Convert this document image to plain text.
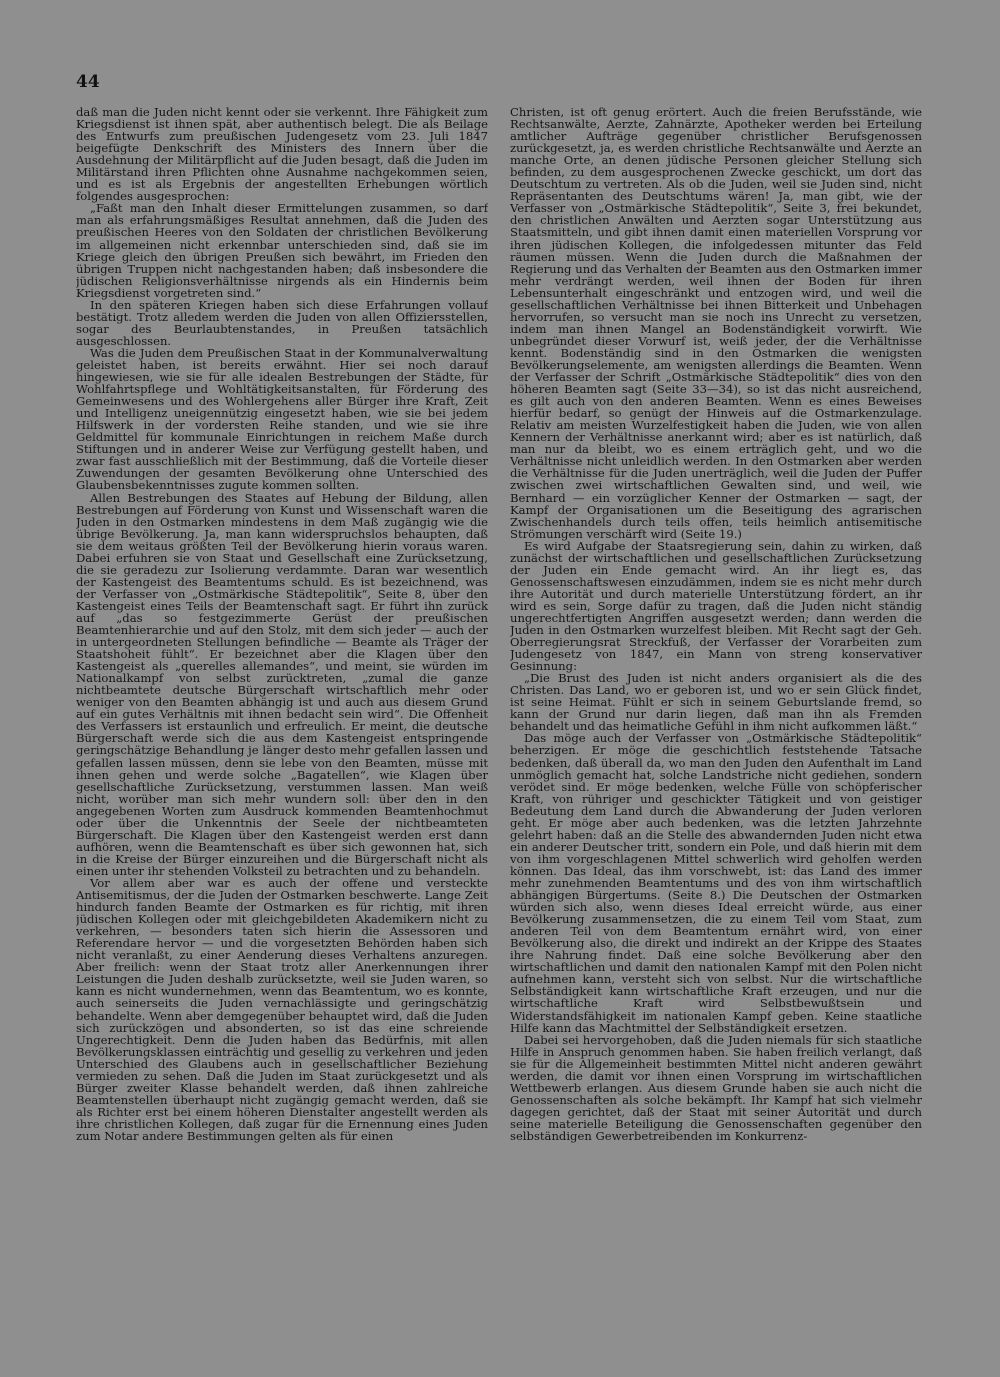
44

daß man die Juden nicht kennt oder sie verkennt. Ihre Fähigkeit zum Kriegsdienst ist ihnen spät, aber authentisch belegt. Die als Beilage des Entwurfs zum preußischen Judengesetz vom 23. Juli 1847 beigefügte Denkschrift des Ministers des Innern über die Ausdehnung der Militärpflicht auf die Juden besagt, daß die Juden im Militärstand ihren Pflichten ohne Ausnahme nachgekommen seien, und es ist als Ergebnis der angestellten Erhebungen wörtlich folgendes ausgesprochen:

„Faßt man den Inhalt dieser Ermittelungen zusammen, so darf man als erfahrungsmäßiges Resultat annehmen, daß die Juden des preußischen Heeres von den Soldaten der christlichen Bevölkerung im allgemeinen nicht erkennbar unterschieden sind, daß sie im Kriege gleich den übrigen Preußen sich bewährt, im Frieden den übrigen Truppen nicht nachgestanden haben; daß insbesondere die jüdischen Religionsverhältnisse nirgends als ein Hindernis beim Kriegsdienst vorgetreten sind.“

In den späteren Kriegen haben sich diese Erfahrungen vollauf bestätigt. Trotz alledem werden die Juden von allen Offiziersstellen, sogar des Beurlaubtenstandes, in Preußen tatsächlich ausgeschlossen.

Was die Juden dem Preußischen Staat in der Kommunalverwaltung geleistet haben, ist bereits erwähnt. Hier sei noch darauf hingewiesen, wie sie für alle idealen Bestrebungen der Städte, für Wohlfahrtspflege und Wohltätigkeitsanstalten, für Förderung des Gemeinwesens und des Wohlergehens aller Bürger ihre Kraft, Zeit und Intelligenz uneigennützig eingesetzt haben, wie sie bei jedem Hilfswerk in der vordersten Reihe standen, und wie sie ihre Geldmittel für kommunale Einrichtungen in reichem Maße durch Stiftungen und in anderer Weise zur Verfügung gestellt haben, und zwar fast ausschließlich mit der Bestimmung, daß die Vorteile dieser Zuwendungen der gesamten Bevölkerung ohne Unterschied des Glaubensbekenntnisses zugute kommen sollten.

Allen Bestrebungen des Staates auf Hebung der Bildung, allen Bestrebungen auf Förderung von Kunst und Wissenschaft waren die Juden in den Ostmarken mindestens in dem Maß zugängig wie die übrige Bevölkerung. Ja, man kann widerspruchslos behaupten, daß sie dem weitaus größten Teil der Bevölkerung hierin voraus waren. Dabei erfuhren sie von Staat und Gesellschaft eine Zurücksetzung, die sie geradezu zur Isolierung verdammte. Daran war wesentlich der Kastengeist des Beamtentums schuld. Es ist bezeichnend, was der Verfasser von „Ostmärkische Städtepolitik“, Seite 8, über den Kastengeist eines Teils der Beamtenschaft sagt. Er führt ihn zurück auf „das so festgezimmerte Gerüst der preußischen Beamtenhierarchie und auf den Stolz, mit dem sich jeder — auch der in untergeordneten Stellungen befindliche — Beamte als Träger der Staatshoheit fühlt“. Er bezeichnet aber die Klagen über den Kastengeist als „querelles allemandes“, und meint, sie würden im Nationalkampf von selbst zurücktreten, „zumal die ganze nichtbeamtete deutsche Bürgerschaft wirtschaftlich mehr oder weniger von den Beamten abhängig ist und auch aus diesem Grund auf ein gutes Verhältnis mit ihnen bedacht sein wird“. Die Offenheit des Verfassers ist erstaunlich und erfreulich. Er meint, die deutsche Bürgerschaft werde sich die aus dem Kastengeist entspringende geringschätzige Behandlung je länger desto mehr gefallen lassen und gefallen lassen müssen, denn sie lebe von den Beamten, müsse mit ihnen gehen und werde solche „Bagatellen“, wie Klagen über gesellschaftliche Zurücksetzung, verstummen lassen. Man weiß nicht, worüber man sich mehr wundern soll: über den in den angegebenen Worten zum Ausdruck kommenden Beamtenhochmut oder über die Unkenntnis der Seele der nichtbeamteten Bürgerschaft. Die Klagen über den Kastengeist werden erst dann aufhören, wenn die Beamtenschaft es über sich gewonnen hat, sich in die Kreise der Bürger einzureihen und die Bürgerschaft nicht als einen unter ihr stehenden Volksteil zu betrachten und zu behandeln.

Vor allem aber war es auch der offene und versteckte Antisemitismus, der die Juden der Ostmarken beschwerte. Lange Zeit hindurch fanden Beamte der Ostmarken es für richtig, mit ihren jüdischen Kollegen oder mit gleichgebildeten Akademikern nicht zu verkehren, — besonders taten sich hierin die Assessoren und Referendare hervor — und die vorgesetzten Behörden haben sich nicht veranlaßt, zu einer Aenderung dieses Verhaltens anzuregen. Aber freilich: wenn der Staat trotz aller Anerkennungen ihrer Leistungen die Juden deshalb zurücksetzte, weil sie Juden waren, so kann es nicht wundernehmen, wenn das Beamtentum, wo es konnte, auch seinerseits die Juden vernachlässigte und geringschätzig behandelte. Wenn aber demgegenüber behauptet wird, daß die Juden sich zurückzögen und absonderten, so ist das eine schreiende Ungerechtigkeit. Denn die Juden haben das Bedürfnis, mit allen Bevölkerungsklassen einträchtig und gesellig zu verkehren und jeden Unterschied des Glaubens auch in gesellschaftlicher Beziehung vermieden zu sehen. Daß die Juden im Staat zurückgesetzt und als Bürger zweiter Klasse behandelt werden, daß ihnen zahlreiche Beamtenstellen überhaupt nicht zugängig gemacht werden, daß sie als Richter erst bei einem höheren Dienstalter angestellt werden als ihre christlichen Kollegen, daß zugar für die Ernennung eines Juden zum Notar andere Bestimmungen gelten als für einen

Christen, ist oft genug erörtert. Auch die freien Berufsstände, wie Rechtsanwälte, Aerzte, Zahnärzte, Apotheker werden bei Erteilung amtlicher Aufträge gegenüber christlicher Berufsgenossen zurückgesetzt, ja, es werden christliche Rechtsanwälte und Aerzte an manche Orte, an denen jüdische Personen gleicher Stellung sich befinden, zu dem ausgesprochenen Zwecke geschickt, um dort das Deutschtum zu vertreten. Als ob die Juden, weil sie Juden sind, nicht Repräsentanten des Deutschtums wären! Ja, man gibt, wie der Verfasser von „Ostmärkische Städtepolitik“, Seite 3, frei bekundet, den christlichen Anwälten und Aerzten sogar Unterstützung aus Staatsmitteln, und gibt ihnen damit einen materiellen Vorsprung vor ihren jüdischen Kollegen, die infolgedessen mitunter das Feld räumen müssen. Wenn die Juden durch die Maßnahmen der Regierung und das Verhalten der Beamten aus den Ostmarken immer mehr verdrängt werden, weil ihnen der Boden für ihren Lebensunterhalt eingeschränkt und entzogen wird, und weil die gesellschaftlichen Verhältnisse bei ihnen Bitterkeit und Unbehagen hervorrufen, so versucht man sie noch ins Unrecht zu versetzen, indem man ihnen Mangel an Bodenständigkeit vorwirft. Wie unbegründet dieser Vorwurf ist, weiß jeder, der die Verhältnisse kennt. Bodenständig sind in den Ostmarken die wenigsten Bevölkerungselemente, am wenigsten allerdings die Beamten. Wenn der Verfasser der Schrift „Ostmärkische Städtepolitik“ dies von den höheren Beamten sagt (Seite 33—34), so ist das nicht ausreichend, es gilt auch von den anderen Beamten. Wenn es eines Beweises hierfür bedarf, so genügt der Hinweis auf die Ostmarkenzulage. Relativ am meisten Wurzelfestigkeit haben die Juden, wie von allen Kennern der Verhältnisse anerkannt wird; aber es ist natürlich, daß man nur da bleibt, wo es einem erträglich geht, und wo die Verhältnisse nicht unleidlich werden. In den Ostmarken aber werden die Verhältnisse für die Juden unerträglich, weil die Juden der Puffer zwischen zwei wirtschaftlichen Gewalten sind, und weil, wie Bernhard — ein vorzüglicher Kenner der Ostmarken — sagt, der Kampf der Organisationen um die Beseitigung des agrarischen Zwischenhandels durch teils offen, teils heimlich antisemitische Strömungen verschärft wird (Seite 19.)

Es wird Aufgabe der Staatsregierung sein, dahin zu wirken, daß zunächst der wirtschaftlichen und gesellschaftlichen Zurücksetzung der Juden ein Ende gemacht wird. An ihr liegt es, das Genossenschaftswesen einzudämmen, indem sie es nicht mehr durch ihre Autorität und durch materielle Unterstützung fördert, an ihr wird es sein, Sorge dafür zu tragen, daß die Juden nicht ständig ungerechtfertigten Angriffen ausgesetzt werden; dann werden die Juden in den Ostmarken wurzelfest bleiben. Mit Recht sagt der Geh. Oberregierungsrat Streckfuß, der Verfasser der Vorarbeiten zum Judengesetz von 1847, ein Mann von streng konservativer Gesinnung:

„Die Brust des Juden ist nicht anders organisiert als die des Christen. Das Land, wo er geboren ist, und wo er sein Glück findet, ist seine Heimat. Fühlt er sich in seinem Geburtslande fremd, so kann der Grund nur darin liegen, daß man ihn als Fremden behandelt und das heimatliche Gefühl in ihm nicht aufkommen läßt.“

Das möge auch der Verfasser von „Ostmärkische Städtepolitik“ beherzigen. Er möge die geschichtlich feststehende Tatsache bedenken, daß überall da, wo man den Juden den Aufenthalt im Land unmöglich gemacht hat, solche Landstriche nicht gediehen, sondern verödet sind. Er möge bedenken, welche Fülle von schöpferischer Kraft, von rühriger und geschickter Tätigkeit und von geistiger Bedeutung dem Land durch die Abwanderung der Juden verloren geht. Er möge aber auch bedenken, was die letzten Jahrzehnte gelehrt haben: daß an die Stelle des abwandernden Juden nicht etwa ein anderer Deutscher tritt, sondern ein Pole, und daß hierin mit dem von ihm vorgeschlagenen Mittel schwerlich wird geholfen werden können. Das Ideal, das ihm vorschwebt, ist: das Land des immer mehr zunehmenden Beamtentums und des von ihm wirtschaftlich abhängigen Bürgertums. (Seite 8.) Die Deutschen der Ostmarken würden sich also, wenn dieses Ideal erreicht würde, aus einer Bevölkerung zusammensetzen, die zu einem Teil vom Staat, zum anderen Teil von dem Beamtentum ernährt wird, von einer Bevölkerung also, die direkt und indirekt an der Krippe des Staates ihre Nahrung findet. Daß eine solche Bevölkerung aber den wirtschaftlichen und damit den nationalen Kampf mit den Polen nicht aufnehmen kann, versteht sich von selbst. Nur die wirtschaftliche Selbständigkeit kann wirtschaftliche Kraft erzeugen, und nur die wirtschaftliche Kraft wird Selbstbewußtsein und Widerstandsfähigkeit im nationalen Kampf geben. Keine staatliche Hilfe kann das Machtmittel der Selbständigkeit ersetzen.

Dabei sei hervorgehoben, daß die Juden niemals für sich staatliche Hilfe in Anspruch genommen haben. Sie haben freilich verlangt, daß sie für die Allgemeinheit bestimmten Mittel nicht anderen gewährt werden, die damit vor ihnen einen Vorsprung im wirtschaftlichen Wettbewerb erlangen. Aus diesem Grunde haben sie auch nicht die Genossenschaften als solche bekämpft. Ihr Kampf hat sich vielmehr dagegen gerichtet, daß der Staat mit seiner Autorität und durch seine materielle Beteiligung die Genossenschaften gegenüber den selbständigen Gewerbetreibenden im Konkurrenz-
